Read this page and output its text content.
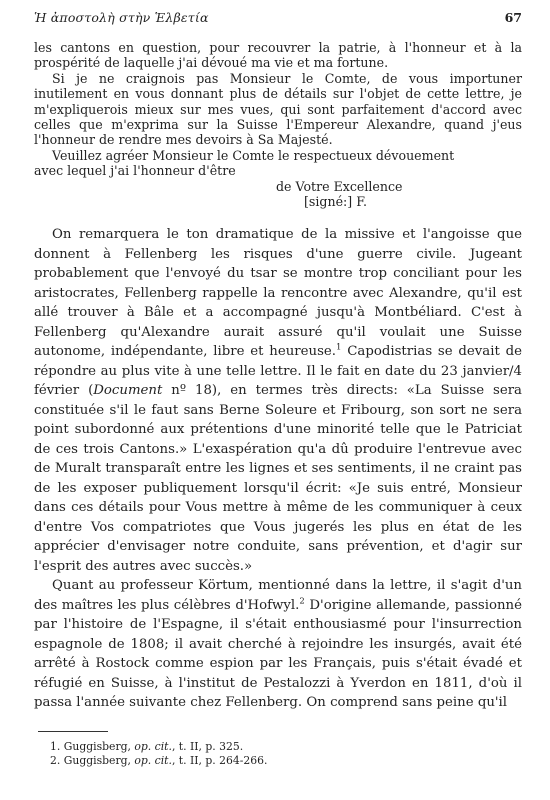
Ἡ ἀποστολὴ στὴν Ἑλβετία	67

les cantons en question, pour recouvrer la patrie, à l'honneur et à la prospérité de laquelle j'ai dévoué ma vie et ma fortune.

Si je ne craignois pas Monsieur le Comte, de vous importuner inutilement en vous donnant plus de détails sur l'objet de cette lettre, je m'expliquerois mieux sur mes vues, qui sont parfaitement d'accord avec celles que m'exprima sur la Suisse l'Empereur Alexandre, quand j'eus l'honneur de rendre mes devoirs à Sa Majesté.

Veuillez agréer Monsieur le Comte le respectueux dévouement

avec lequel j'ai l'honneur d'être

de Votre Excellence

[signé:] F.

On remarquera le ton dramatique de la missive et l'angoisse que donnent à Fellenberg les risques d'une guerre civile. Jugeant probablement que l'envoyé du tsar se montre trop conciliant pour les aristocrates, Fellenberg rappelle la rencontre avec Alexandre, qu'il est allé trouver à Bâle et a accompagné jusqu'à Montbéliard. C'est à Fellenberg qu'Alexandre aurait assuré qu'il voulait une Suisse autonome, indépendante, libre et heureuse.$^1$ Capodistrias se devait de répondre au plus vite à une telle lettre. Il le fait en date du 23 janvier/4 février (Document nº 18), en termes très directs: «La Suisse sera constituée s'il le faut sans Berne Soleure et Fribourg, son sort ne sera point subordonné aux prétentions d'une minorité telle que le Patriciat de ces trois Cantons.» L'exaspération qu'a dû produire l'entrevue avec de Muralt transparaît entre les lignes et ses sentiments, il ne craint pas de les exposer publiquement lorsqu'il écrit: «Je suis entré, Monsieur dans ces détails pour Vous mettre à même de les communiquer à ceux d'entre Vos compatriotes que Vous jugerés les plus en état de les apprécier d'envisager notre conduite, sans prévention, et d'agir sur l'esprit des autres avec succès.»

Quant au professeur Körtum, mentionné dans la lettre, il s'agit d'un des maîtres les plus célèbres d'Hofwyl.$^2$ D'origine allemande, passionné par l'histoire de l'Espagne, il s'était enthousiasmé pour l'insurrection espagnole de 1808; il avait cherché à rejoindre les insurgés, avait été arrêté à Rostock comme espion par les Français, puis s'était évadé et réfugié en Suisse, à l'institut de Pestalozzi à Yverdon en 1811, d'où il passa l'année suivante chez Fellenberg. On comprend sans peine qu'il

1. Guggisberg, op. cit., t. II, p. 325.
2. Guggisberg, op. cit., t. II, p. 264-266.
